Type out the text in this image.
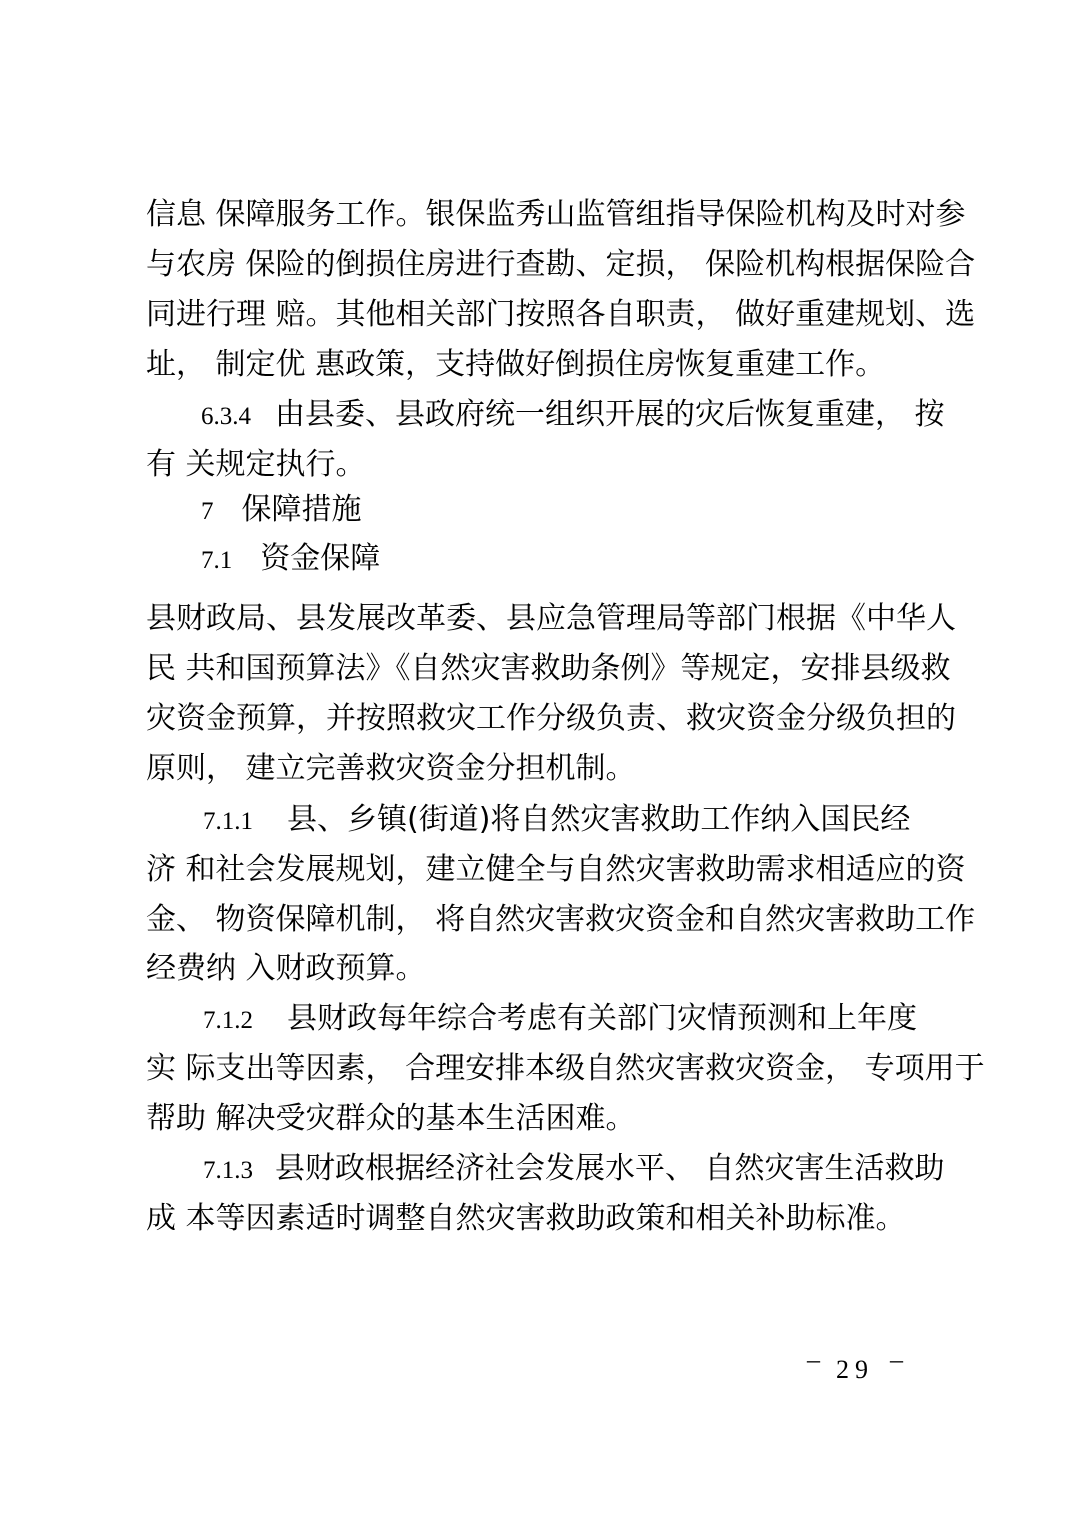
信息 保障服务工作。银保监秀山监管组指导保险机构及时对参
与农房 保险的倒损住房进行查勘、定损， 保险机构根据保险合
同进行理 赔。其他相关部门按照各自职责， 做好重建规划、选
址， 制定优 惠政策，支持做好倒损住房恢复重建工作。
6.3.4 由县委、县政府统一组织开展的灾后恢复重建， 按
有 关规定执行。
7 保障措施
7.1 资金保障
县财政局、县发展改革委、县应急管理局等部门根据《中华人
民 共和国预算法》《自然灾害救助条例》等规定，安排县级救
灾资金预算，并按照救灾工作分级负责、救灾资金分级负担的
原则， 建立完善救灾资金分担机制。
7.1.1 县、乡镇(街道)将自然灾害救助工作纳入国民经
济 和社会发展规划，建立健全与自然灾害救助需求相适应的资
金、 物资保障机制， 将自然灾害救灾资金和自然灾害救助工作
经费纳 入财政预算。
7.1.2 县财政每年综合考虑有关部门灾情预测和上年度
实 际支出等因素， 合理安排本级自然灾害救灾资金， 专项用于
帮助 解决受灾群众的基本生活困难。
7.1.3 县财政根据经济社会发展水平、 自然灾害生活救助
成 本等因素适时调整自然灾害救助政策和相关补助标准。
– 29 –
